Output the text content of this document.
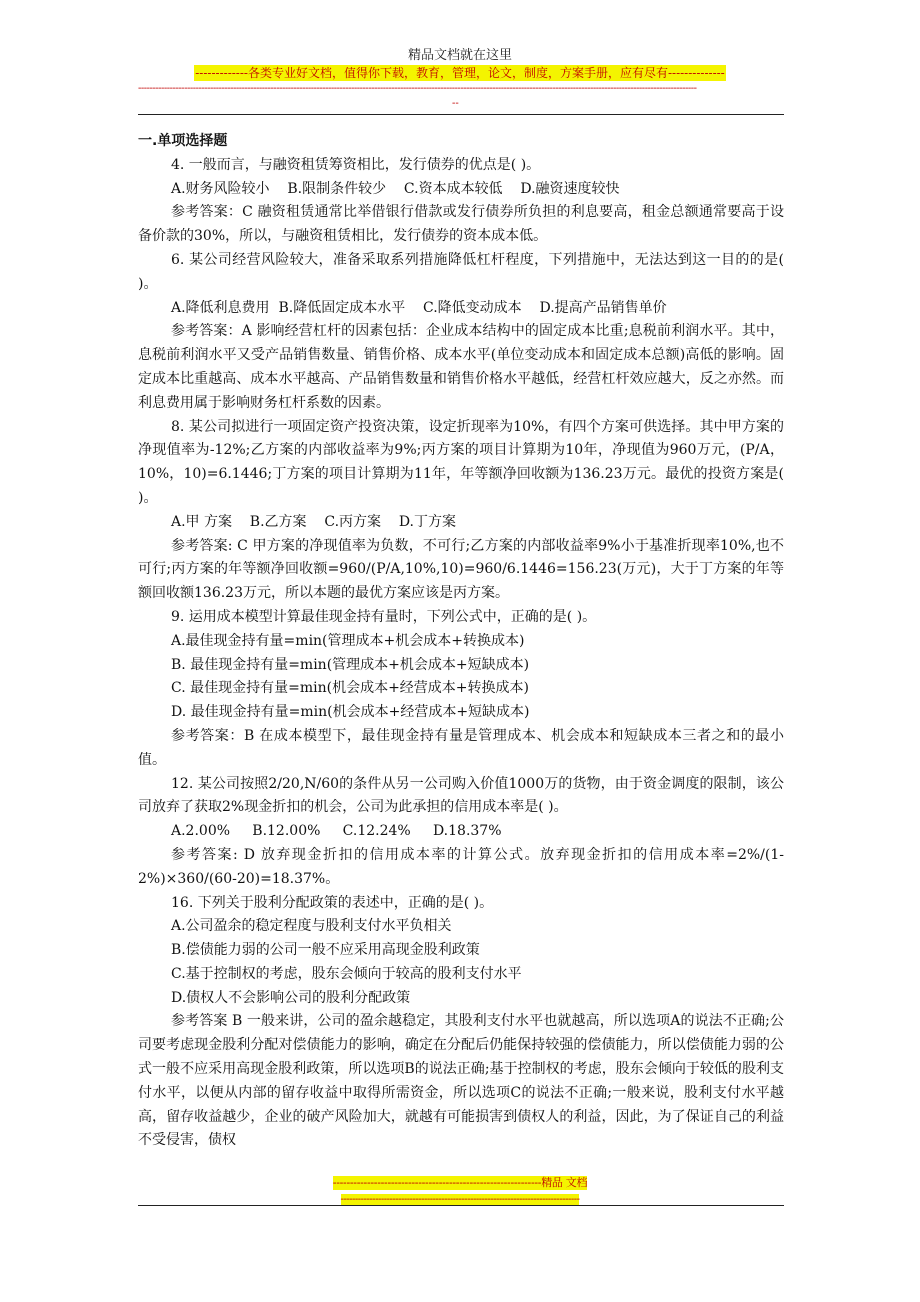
精品文档就在这里
-------------各类专业好文档，值得你下载，教育，管理，论文，制度，方案手册，应有尽有--------------
--------------------------------------------------------------------------------------------------------------------------------------------------------------------------------------------------
--

一.单项选择题

4. 一般而言，与融资租赁筹资相比，发行债券的优点是( )。

A.财务风险较小    B.限制条件较少    C.资本成本较低    D.融资速度较快

参考答案：C 融资租赁通常比举借银行借款或发行债券所负担的利息要高，租金总额通常要高于设备价款的30%，所以，与融资租赁相比，发行债券的资本成本低。

6. 某公司经营风险较大，准备采取系列措施降低杠杆程度，下列措施中，无法达到这一目的的是( )。

A.降低利息费用  B.降低固定成本水平    C.降低变动成本    D.提高产品销售单价

参考答案：A 影响经营杠杆的因素包括：企业成本结构中的固定成本比重;息税前利润水平。其中，息税前利润水平又受产品销售数量、销售价格、成本水平(单位变动成本和固定成本总额)高低的影响。固定成本比重越高、成本水平越高、产品销售数量和销售价格水平越低，经营杠杆效应越大，反之亦然。而利息费用属于影响财务杠杆系数的因素。

8. 某公司拟进行一项固定资产投资决策，设定折现率为10%，有四个方案可供选择。其中甲方案的净现值率为-12%;乙方案的内部收益率为9%;丙方案的项目计算期为10年，净现值为960万元，(P/A，10%，10)=6.1446;丁方案的项目计算期为11年，年等额净回收额为136.23万元。最优的投资方案是( )。

A.甲 方案    B.乙方案    C.丙方案    D.丁方案

参考答案: C 甲方案的净现值率为负数，不可行;乙方案的内部收益率9%小于基准折现率10%,也不可行;丙方案的年等额净回收额=960/(P/A,10%,10)=960/6.1446=156.23(万元)，大于丁方案的年等额回收额136.23万元，所以本题的最优方案应该是丙方案。

9. 运用成本模型计算最佳现金持有量时，下列公式中，正确的是( )。

A.最佳现金持有量=min(管理成本+机会成本+转换成本)

B. 最佳现金持有量=min(管理成本+机会成本+短缺成本)

C. 最佳现金持有量=min(机会成本+经营成本+转换成本)

D. 最佳现金持有量=min(机会成本+经营成本+短缺成本)

参考答案：B 在成本模型下，最佳现金持有量是管理成本、机会成本和短缺成本三者之和的最小值。

12. 某公司按照2/20,N/60的条件从另一公司购入价值1000万的货物，由于资金调度的限制，该公司放弃了获取2%现金折扣的机会，公司为此承担的信用成本率是( )。

A.2.00%     B.12.00%     C.12.24%     D.18.37%

参考答案: D 放弃现金折扣的信用成本率的计算公式。放弃现金折扣的信用成本率=2%/(1-2%)×360/(60-20)=18.37%。

16. 下列关于股利分配政策的表述中，正确的是( )。

A.公司盈余的稳定程度与股利支付水平负相关

B.偿债能力弱的公司一般不应采用高现金股利政策

C.基于控制权的考虑，股东会倾向于较高的股利支付水平

D.债权人不会影响公司的股利分配政策

参考答案 B 一般来讲，公司的盈余越稳定，其股利支付水平也就越高，所以选项A的说法不正确;公司要考虑现金股利分配对偿债能力的影响，确定在分配后仍能保持较强的偿债能力，所以偿债能力弱的公式一般不应采用高现金股利政策，所以选项B的说法正确;基于控制权的考虑，股东会倾向于较低的股利支付水平，以便从内部的留存收益中取得所需资金，所以选项C的说法不正确;一般来说，股利支付水平越高，留存收益越少，企业的破产风险加大，就越有可能损害到债权人的利益，因此，为了保证自己的利益不受侵害，债权

-------------------------------------------------------------精品 文档
-----------------------------------------------------------------------------------
